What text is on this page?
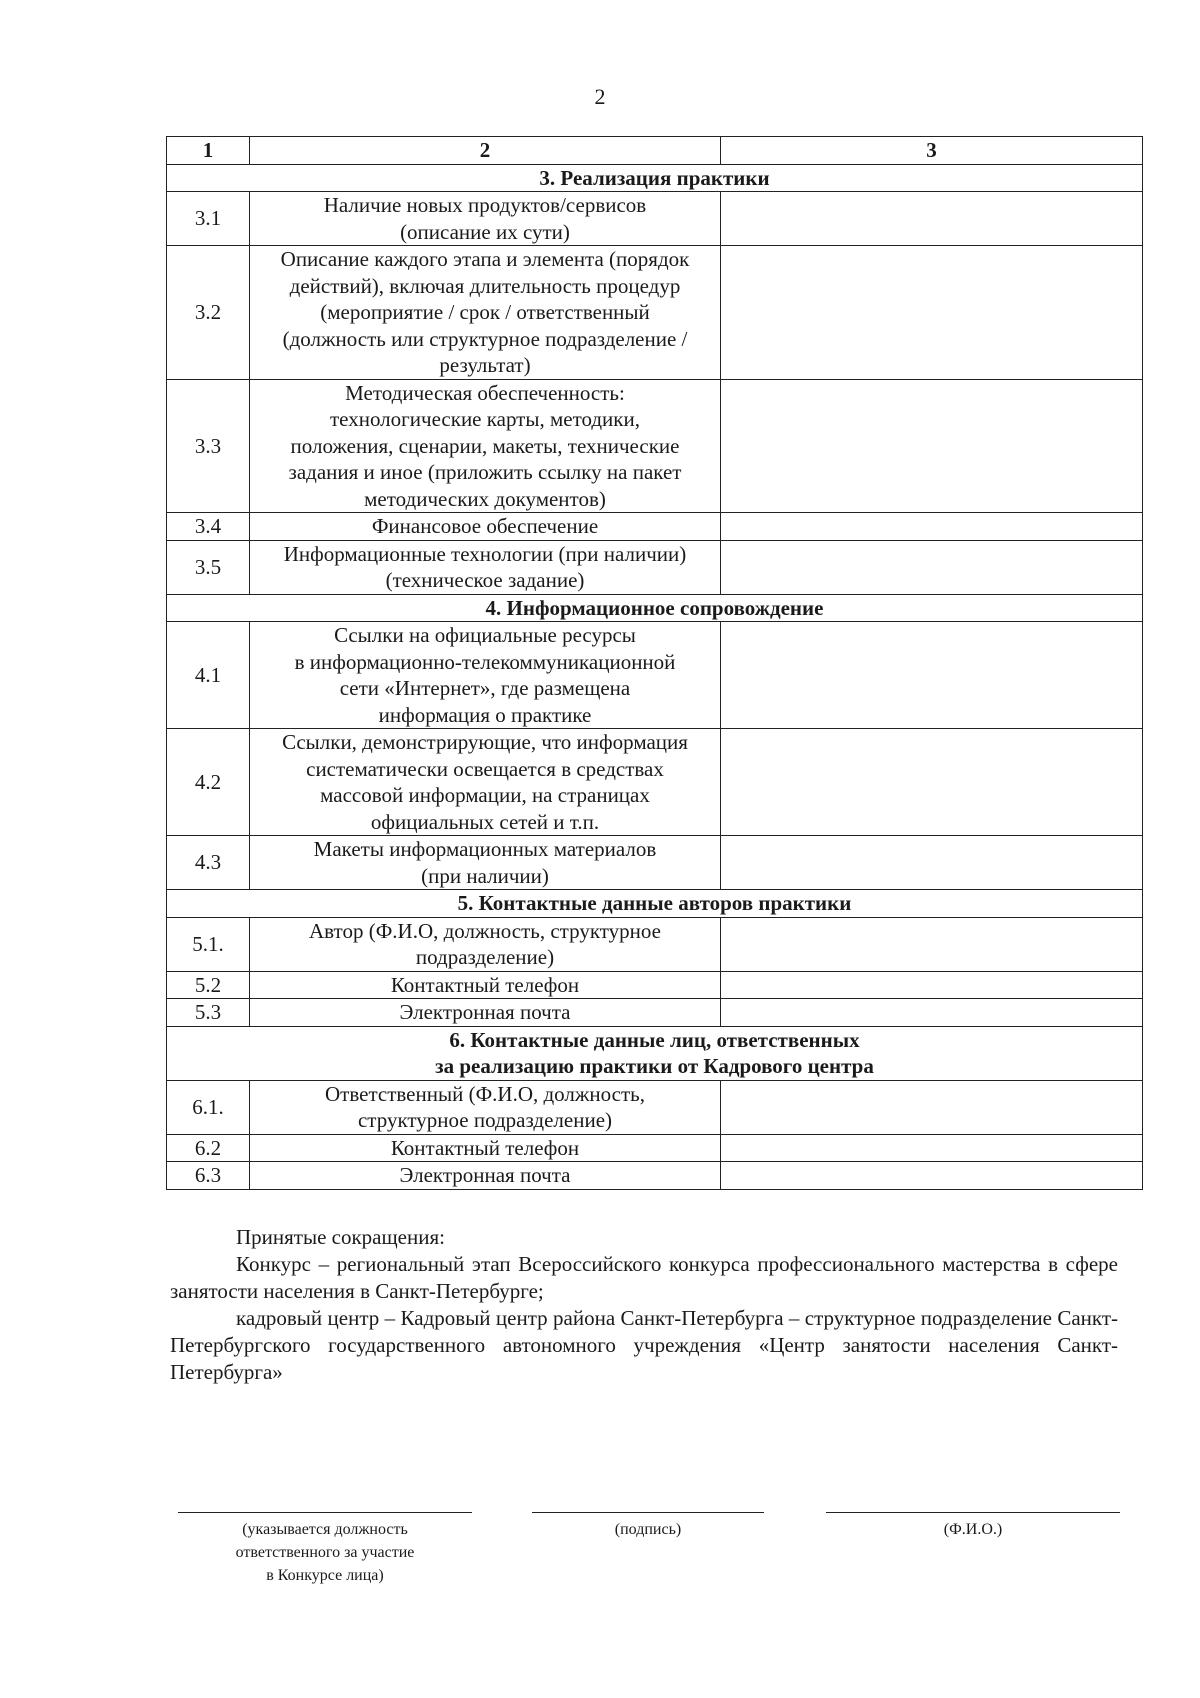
2
1	2	3
3. Реализация практики		
3.1	Наличие новых продуктов/сервисов
(описание их сути)	

3.2	Описание каждого этапа и элемента (порядок
действий), включая длительность процедур
(мероприятие / срок / ответственный
(должность или структурное подразделение /
результат)	

3.3	Методическая обеспеченность:
технологические карты, методики,
положения, сценарии, макеты, технические
задания и иное (приложить ссылку на пакет
методических документов)	

3.4	Финансовое обеспечение	

3.5	Информационные технологии (при наличии)
(техническое задание)	

4. Информационное сопровождение		
4.1	Ссылки на официальные ресурсы
в информационно-телекоммуникационной
сети «Интернет», где размещена
информация о практике	

4.2	Ссылки, демонстрирующие, что информация
систематически освещается в средствах
массовой информации, на страницах
официальных сетей и т.п.	

4.3	Макеты информационных материалов
(при наличии)	

5. Контактные данные авторов практики		
5.1.	Автор (Ф.И.О, должность, структурное
подразделение)	

5.2	Контактный телефон	

5.3	Электронная почта	

6. Контактные данные лиц, ответственных
за реализацию практики от Кадрового центра		
6.1.	Ответственный (Ф.И.О, должность,
структурное подразделение)	

6.2	Контактный телефон	

6.3	Электронная почта	

Принятые сокращения:

Конкурс – региональный этап Всероссийского конкурса профессионального мастерства в сфере занятости населения в Санкт-Петербурге;

кадровый центр – Кадровый центр района Санкт-Петербурга – структурное подразделение Санкт-Петербургского государственного автономного учреждения «Центр занятости населения Санкт-Петербурга»

(указывается должность
ответственного за участие
в Конкурсе лица)
(подпись)	(Ф.И.О.)
